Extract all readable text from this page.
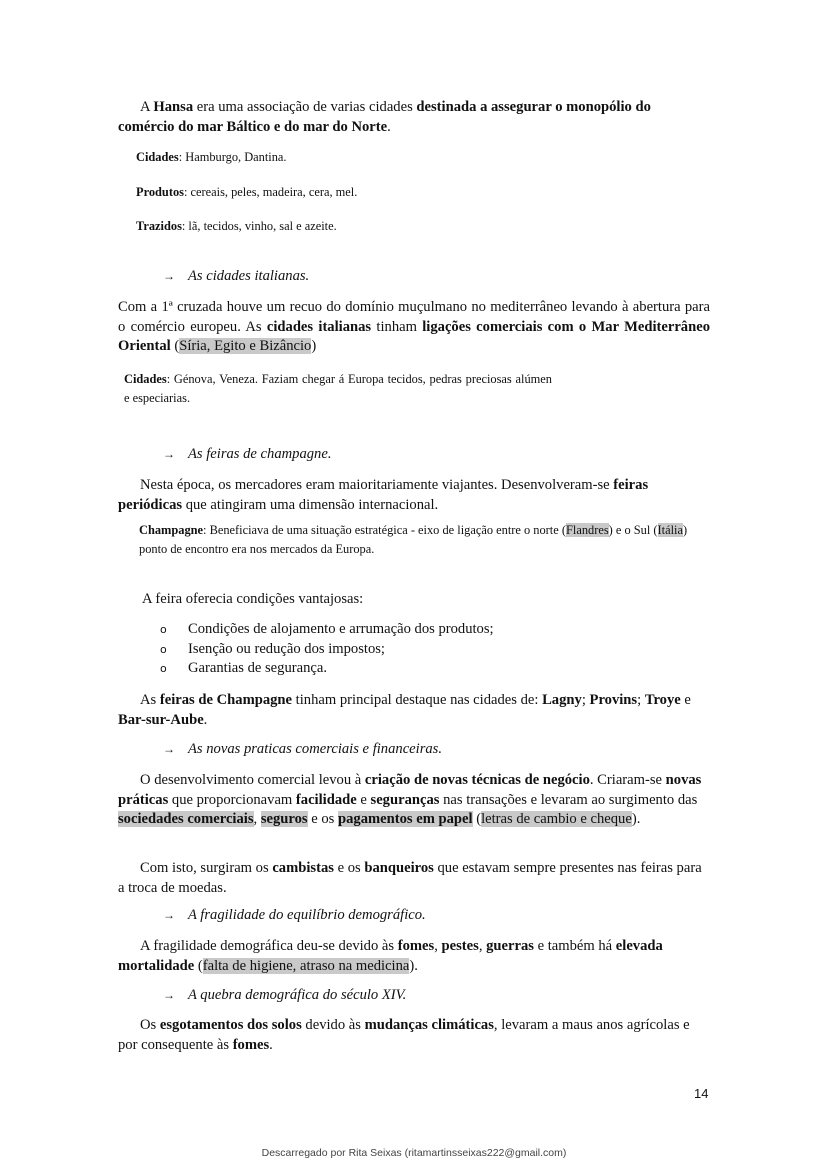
A Hansa era uma associação de varias cidades destinada a assegurar o monopólio do comércio do mar Báltico e do mar do Norte.

Cidades: Hamburgo, Dantina.

Produtos: cereais, peles, madeira, cera, mel.

Trazidos: lã, tecidos, vinho, sal e azeite.

→ As cidades italianas.

Com a 1ª cruzada houve um recuo do domínio muçulmano no mediterrâneo levando à abertura para o comércio europeu. As cidades italianas tinham ligações comerciais com o Mar Mediterrâneo Oriental (Síria, Egito e Bizâncio)

Cidades: Génova, Veneza. Faziam chegar á Europa tecidos, pedras preciosas alúmen e especiarias.

→ As feiras de champagne.

Nesta época, os mercadores eram maioritariamente viajantes. Desenvolveram-se feiras periódicas que atingiram uma dimensão internacional.

Champagne: Beneficiava de uma situação estratégica - eixo de ligação entre o norte (Flandres) e o Sul (Itália) ponto de encontro era nos mercados da Europa.

A feira oferecia condições vantajosas:

o Condições de alojamento e arrumação dos produtos;
o Isenção ou redução dos impostos;
o Garantias de segurança.

As feiras de Champagne tinham principal destaque nas cidades de: Lagny; Provins; Troye e Bar-sur-Aube.

→ As novas praticas comerciais e financeiras.

O desenvolvimento comercial levou à criação de novas técnicas de negócio. Criaram-se novas práticas que proporcionavam facilidade e seguranças nas transações e levaram ao surgimento das sociedades comerciais, seguros e os pagamentos em papel (letras de cambio e cheque).

Com isto, surgiram os cambistas e os banqueiros que estavam sempre presentes nas feiras para a troca de moedas.

→ A fragilidade do equilíbrio demográfico.

A fragilidade demográfica deu-se devido às fomes, pestes, guerras e também há elevada mortalidade (falta de higiene, atraso na medicina).

→ A quebra demográfica do século XIV.

Os esgotamentos dos solos devido às mudanças climáticas, levaram a maus anos agrícolas e por consequente às fomes.

14
Descarregado por Rita Seixas (ritamartinsseixas222@gmail.com)
